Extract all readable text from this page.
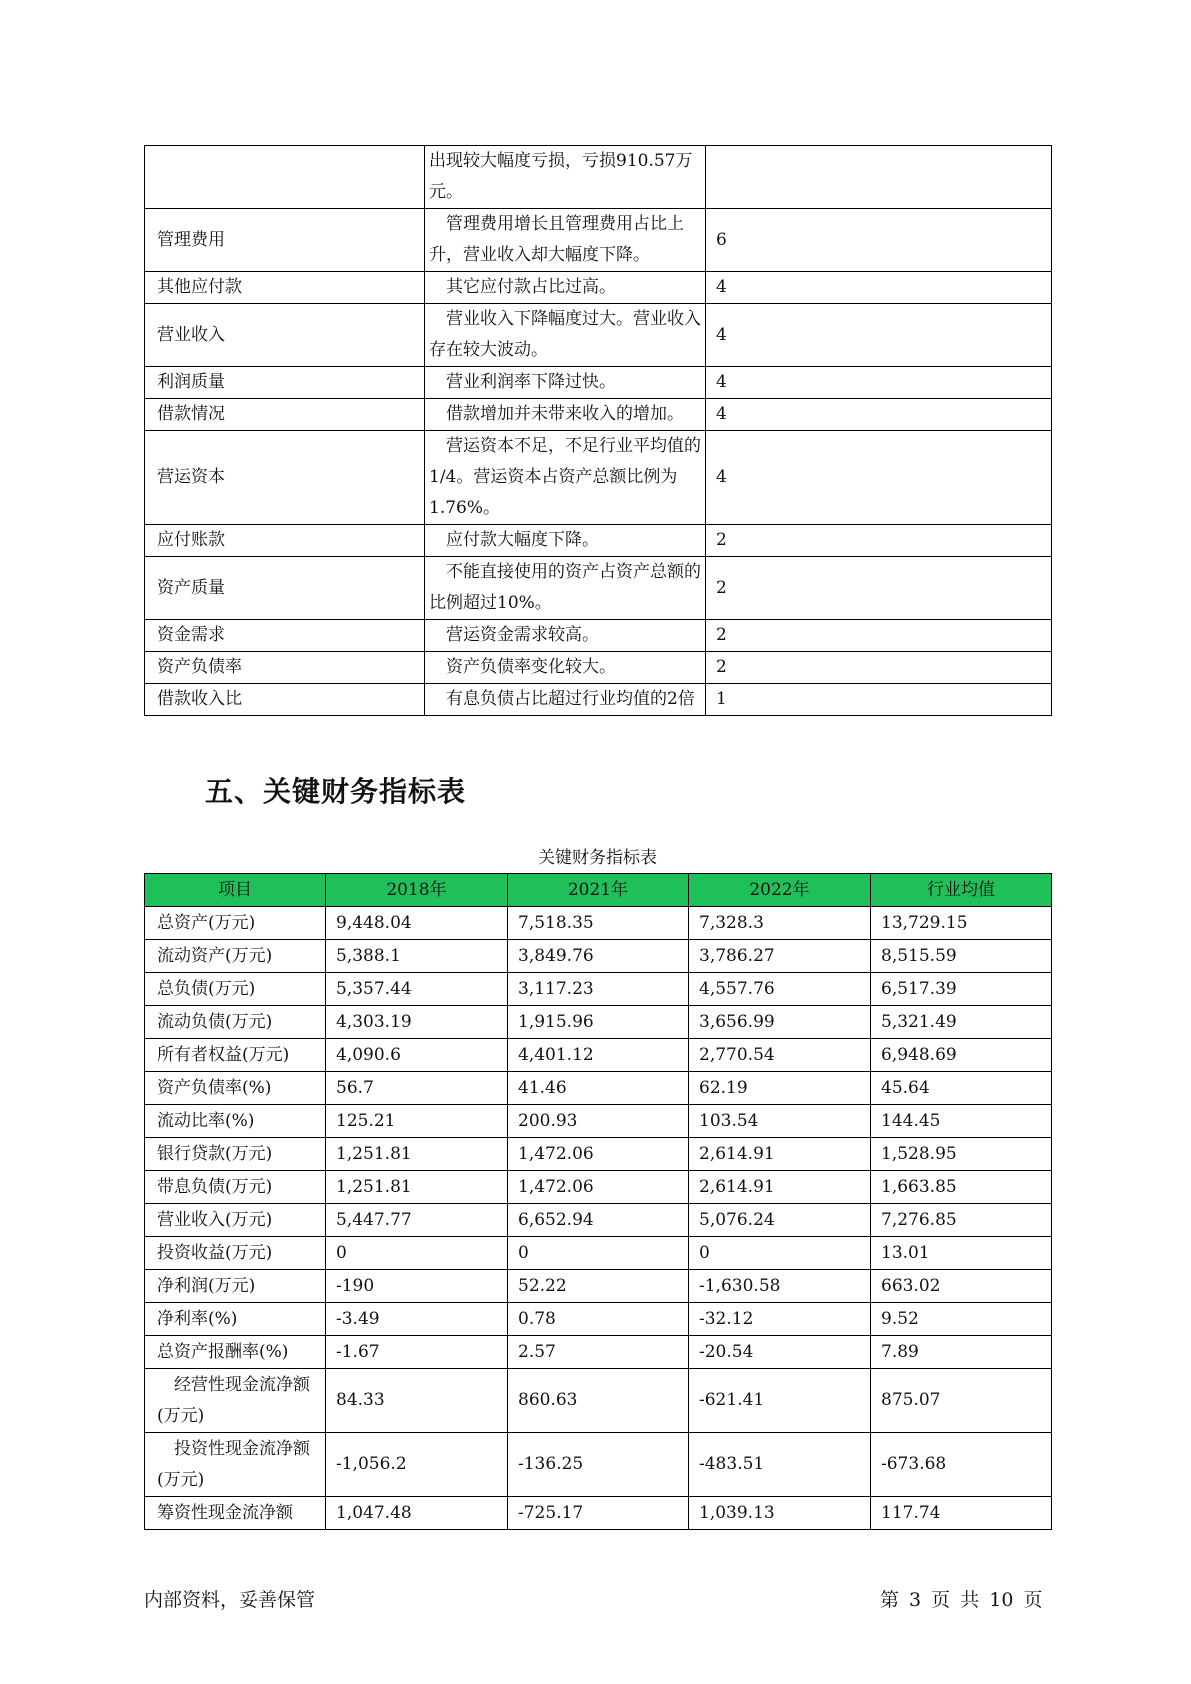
	出现较大幅度亏损，亏损910.57万元。	
管理费用	　管理费用增长且管理费用占比上升，营业收入却大幅度下降。	6
其他应付款	　其它应付款占比过高。	4
营业收入	　营业收入下降幅度过大。营业收入存在较大波动。	4
利润质量	　营业利润率下降过快。	4
借款情况	　借款增加并未带来收入的增加。	4
营运资本	　营运资本不足，不足行业平均值的1/4。营运资本占资产总额比例为1.76%。	4
应付账款	　应付款大幅度下降。	2
资产质量	　不能直接使用的资产占资产总额的比例超过10%。	2
资金需求	　营运资金需求较高。	2
资产负债率	　资产负债率变化较大。	2
借款收入比	　有息负债占比超过行业均值的2倍	1
五、关键财务指标表
关键财务指标表
项目	2018年	2021年	2022年	行业均值
总资产(万元)	9,448.04	7,518.35	7,328.3	13,729.15
流动资产(万元)	5,388.1	3,849.76	3,786.27	8,515.59
总负债(万元)	5,357.44	3,117.23	4,557.76	6,517.39
流动负债(万元)	4,303.19	1,915.96	3,656.99	5,321.49
所有者权益(万元)	4,090.6	4,401.12	2,770.54	6,948.69
资产负债率(%)	56.7	41.46	62.19	45.64
流动比率(%)	125.21	200.93	103.54	144.45
银行贷款(万元)	1,251.81	1,472.06	2,614.91	1,528.95
带息负债(万元)	1,251.81	1,472.06	2,614.91	1,663.85
营业收入(万元)	5,447.77	6,652.94	5,076.24	7,276.85
投资收益(万元)	0	0	0	13.01
净利润(万元)	-190	52.22	-1,630.58	663.02
净利率(%)	-3.49	0.78	-32.12	9.52
总资产报酬率(%)	-1.67	2.57	-20.54	7.89
　经营性现金流净额(万元)	84.33	860.63	-621.41	875.07
　投资性现金流净额(万元)	-1,056.2	-136.25	-483.51	-673.68
筹资性现金流净额	1,047.48	-725.17	1,039.13	117.74
内部资料，妥善保管	第 3 页 共 10 页
